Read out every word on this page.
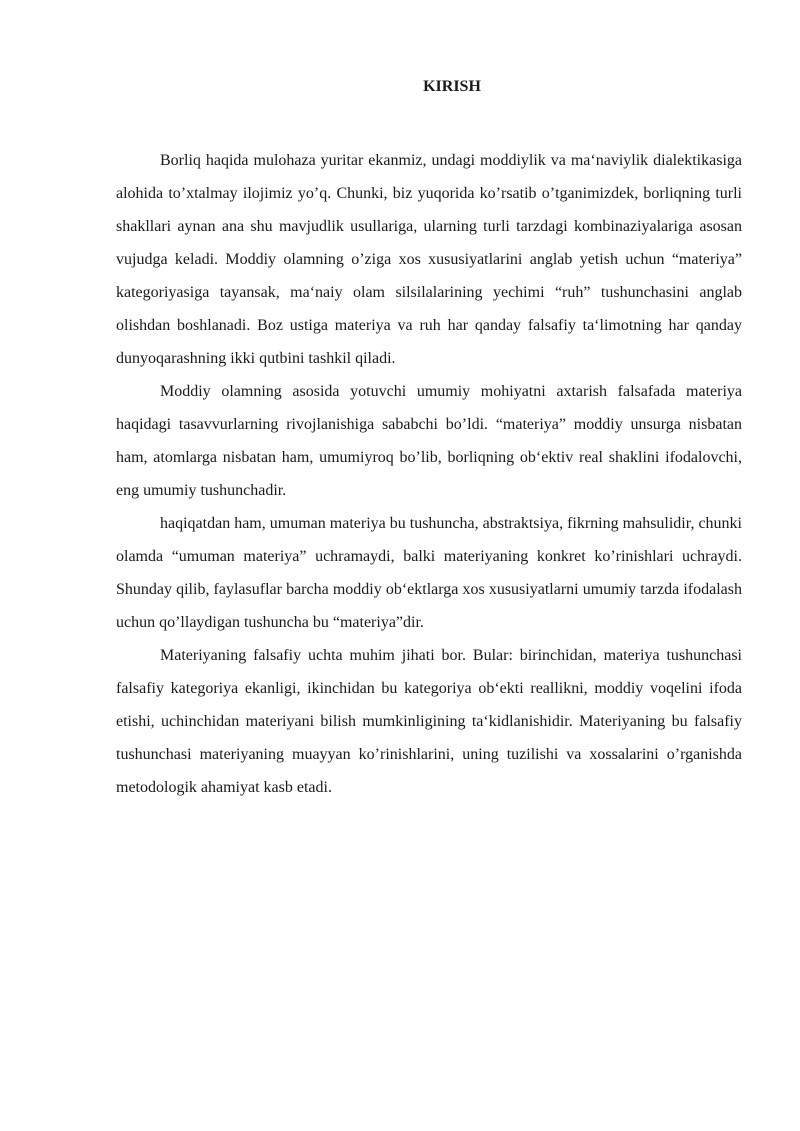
KIRISH

Borliq haqida mulohaza yuritar ekanmiz, undagi moddiylik va maʻnaviylik dialektikasiga alohida toʼxtalmay ilojimiz yoʼq. Chunki, biz yuqorida koʼrsatib oʼtganimizdek, borliqning turli shakllari aynan ana shu mavjudlik usullariga, ularning turli tarzdagi kombinaziyalariga asosan vujudga keladi. Moddiy olamning oʼziga xos xususiyatlarini anglab yetish uchun “materiya” kategoriyasiga tayansak, maʻnaiy olam silsilalarining yechimi “ruh” tushunchasini anglab olishdan boshlanadi. Boz ustiga materiya va ruh har qanday falsafiy taʻlimotning har qanday dunyoqarashning ikki qutbini tashkil qiladi.

Moddiy olamning asosida yotuvchi umumiy mohiyatni axtarish falsafada materiya haqidagi tasavvurlarning rivojlanishiga sababchi boʼldi. “materiya” moddiy unsurga nisbatan ham, atomlarga nisbatan ham, umumiyroq boʼlib, borliqning obʻektiv real shaklini ifodalovchi, eng umumiy tushunchadir.

haqiqatdan ham, umuman materiya bu tushuncha, abstraktsiya, fikrning mahsulidir, chunki olamda “umuman materiya” uchramaydi, balki materiyaning konkret koʼrinishlari uchraydi. Shunday qilib, faylasuflar barcha moddiy obʻektlarga xos xususiyatlarni umumiy tarzda ifodalash uchun qoʼllaydigan tushuncha bu “materiya”dir.

Materiyaning falsafiy uchta muhim jihati bor. Bular: birinchidan, materiya tushunchasi falsafiy kategoriya ekanligi, ikinchidan bu kategoriya obʻekti reallikni, moddiy voqelini ifoda etishi, uchinchidan materiyani bilish mumkinligining taʻkidlanishidir. Materiyaning bu falsafiy tushunchasi materiyaning muayyan koʼrinishlarini, uning tuzilishi va xossalarini oʼrganishda metodologik ahamiyat kasb etadi.
